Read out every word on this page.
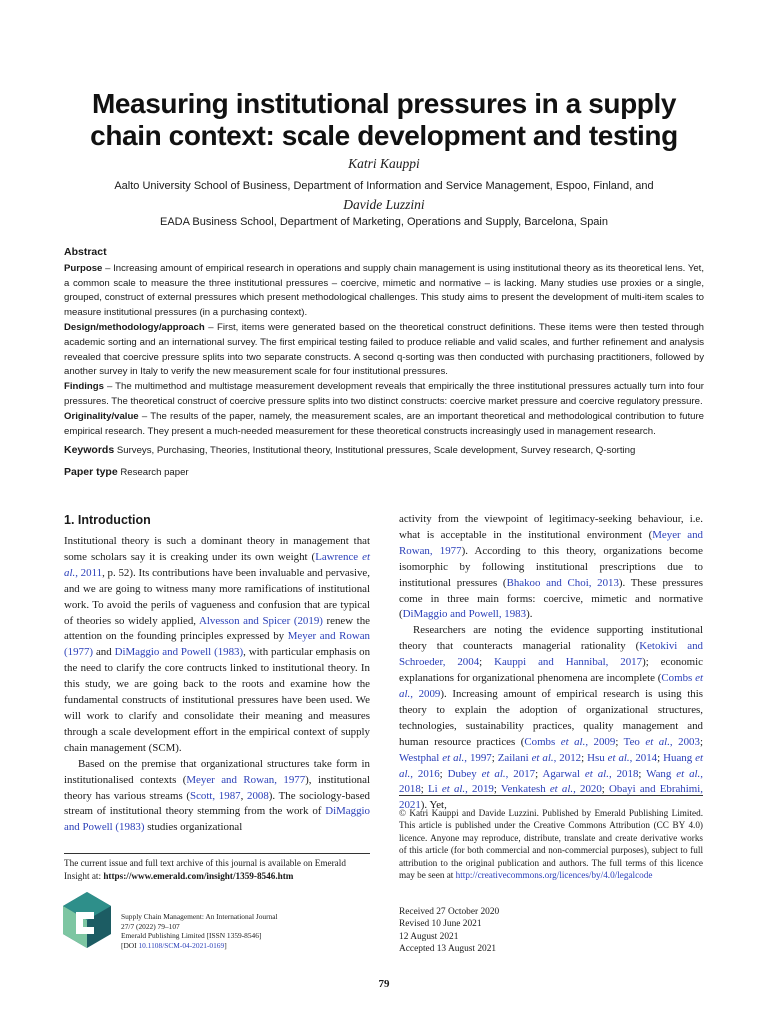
Measuring institutional pressures in a supply
chain context: scale development and testing
Katri Kauppi
Aalto University School of Business, Department of Information and Service Management, Espoo, Finland, and
Davide Luzzini
EADA Business School, Department of Marketing, Operations and Supply, Barcelona, Spain
Abstract

Purpose – Increasing amount of empirical research in operations and supply chain management is using institutional theory as its theoretical lens. Yet, a common scale to measure the three institutional pressures – coercive, mimetic and normative – is lacking. Many studies use proxies or a single, grouped, construct of external pressures which present methodological challenges. This study aims to present the development of multi-item scales to measure institutional pressures (in a purchasing context).

Design/methodology/approach – First, items were generated based on the theoretical construct definitions. These items were then tested through academic sorting and an international survey. The first empirical testing failed to produce reliable and valid scales, and further refinement and analysis revealed that coercive pressure splits into two separate constructs. A second q-sorting was then conducted with purchasing practitioners, followed by another survey in Italy to verify the new measurement scale for four institutional pressures.

Findings – The multimethod and multistage measurement development reveals that empirically the three institutional pressures actually turn into four pressures. The theoretical construct of coercive pressure splits into two distinct constructs: coercive market pressure and coercive regulatory pressure.

Originality/value – The results of the paper, namely, the measurement scales, are an important theoretical and methodological contribution to future empirical research. They present a much-needed measurement for these theoretical constructs increasingly used in management research.

Keywords Surveys, Purchasing, Theories, Institutional theory, Institutional pressures, Scale development, Survey research, Q-sorting
Paper type Research paper
1. Introduction

Institutional theory is such a dominant theory in management that some scholars say it is creaking under its own weight (Lawrence et al., 2011, p. 52). Its contributions have been invaluable and pervasive, and we are going to witness many more ramifications of institutional work. To avoid the perils of vagueness and confusion that are typical of theories so widely applied, Alvesson and Spicer (2019) renew the attention on the founding principles expressed by Meyer and Rowan (1977) and DiMaggio and Powell (1983), with particular emphasis on the need to clarify the core contructs linked to institutional theory. In this study, we are going back to the roots and examine how the fundamental constructs of institutional pressures have been used. We will work to clarify and consolidate their meaning and measures through a scale development effort in the empirical context of supply chain management (SCM).

Based on the premise that organizational structures take form in institutionalised contexts (Meyer and Rowan, 1977), institutional theory has various streams (Scott, 1987, 2008). The sociology-based stream of institutional theory stemming from the work of DiMaggio and Powell (1983) studies organizational

activity from the viewpoint of legitimacy-seeking behaviour, i.e. what is acceptable in the institutional environment (Meyer and Rowan, 1977). According to this theory, organizations become isomorphic by following institutional prescriptions due to institutional pressures (Bhakoo and Choi, 2013). These pressures come in three main forms: coercive, mimetic and normative (DiMaggio and Powell, 1983).

Researchers are noting the evidence supporting institutional theory that counteracts managerial rationality (Ketokivi and Schroeder, 2004; Kauppi and Hannibal, 2017); economic explanations for organizational phenomena are incomplete (Combs et al., 2009). Increasing amount of empirical research is using this theory to explain the adoption of organizational structures, technologies, sustainability practices, quality management and human resource practices (Combs et al., 2009; Teo et al., 2003; Westphal et al., 1997; Zailani et al., 2012; Hsu et al., 2014; Huang et al., 2016; Dubey et al., 2017; Agarwal et al., 2018; Wang et al., 2018; Li et al., 2019; Venkatesh et al., 2020; Obayi and Ebrahimi, 2021). Yet,

The current issue and full text archive of this journal is available on Emerald Insight at: https://www.emerald.com/insight/1359-8546.htm
Supply Chain Management: An International Journal
27/7 (2022) 79–107
Emerald Publishing Limited [ISSN 1359-8546]
[DOI 10.1108/SCM-04-2021-0169]
© Katri Kauppi and Davide Luzzini. Published by Emerald Publishing Limited. This article is published under the Creative Commons Attribution (CC BY 4.0) licence. Anyone may reproduce, distribute, translate and create derivative works of this article (for both commercial and non-commercial purposes), subject to full attribution to the original publication and authors. The full terms of this licence may be seen at http://creativecommons.org/licences/by/4.0/legalcode
Received 27 October 2020
Revised 10 June 2021
12 August 2021
Accepted 13 August 2021
79
